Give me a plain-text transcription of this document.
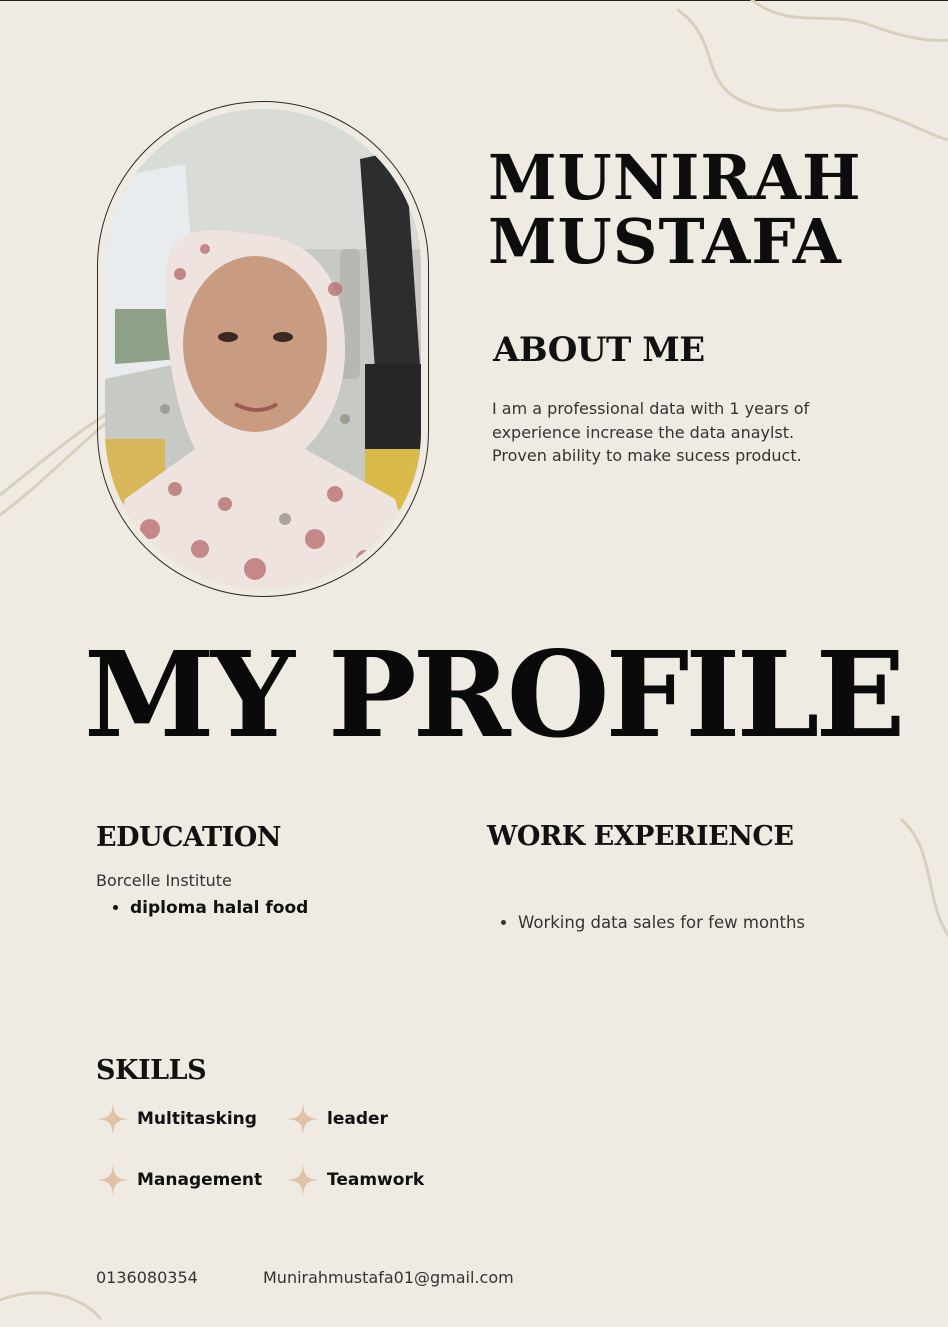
MUNIRAH
MUSTAFA
ABOUT ME

I am a professional data with 1 years of experience increase the data anaylst. Proven ability to make sucess product.

MY PROFILE
EDUCATION

Borcelle Institute

• diploma halal food
WORK EXPERIENCE
• Working data sales for few months
SKILLS
Multitasking	leader
Management	Teamwork

0136080354	Munirahmustafa01@gmail.com
